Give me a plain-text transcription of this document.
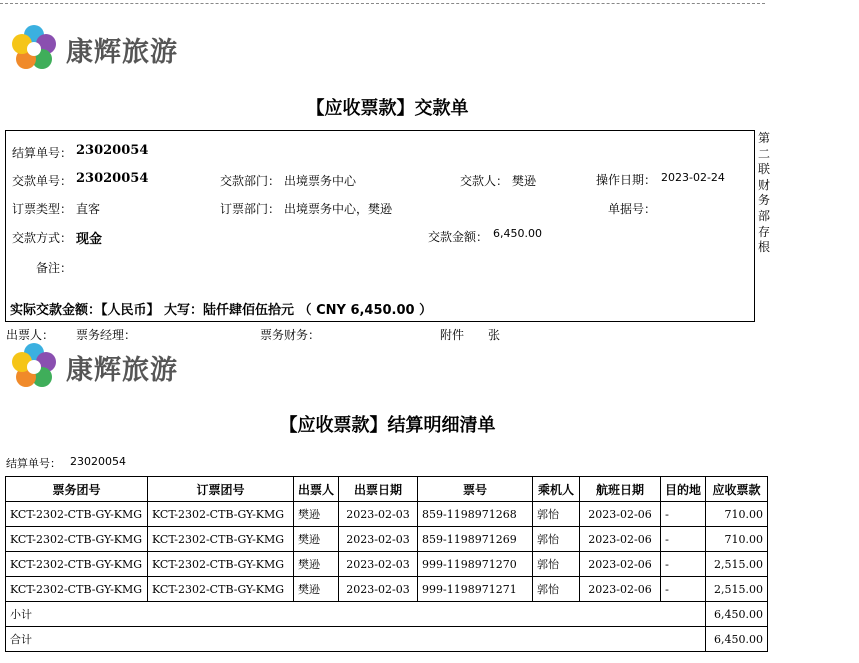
康辉旅游
【应收票款】交款单
结算单号： 23020054
交款单号： 23020054	交款部门： 出境票务中心	交款人： 樊逊	操作日期： 2023-02-24
订票类型： 直客	订票部门： 出境票务中心，樊逊	单据号：
交款方式： 现金	交款金额： 6,450.00
备注：
实际交款金额：【人民币】 大写：陆仟肆佰伍拾元 （ CNY 6,450.00 ）
第
二
联
财
务
部
存
根
出票人： 票务经理：	票务财务：	附件 张
康辉旅游
【应收票款】结算明细清单
结算单号： 23020054
票务团号	订票团号	出票人	出票日期	票号	乘机人	航班日期	目的地	应收票款
KCT-2302-CTB-GY-KMG	KCT-2302-CTB-GY-KMG	樊逊	2023-02-03	859-1198971268	郭怡	2023-02-06	-	710.00
KCT-2302-CTB-GY-KMG	KCT-2302-CTB-GY-KMG	樊逊	2023-02-03	859-1198971269	郭怡	2023-02-06	-	710.00
KCT-2302-CTB-GY-KMG	KCT-2302-CTB-GY-KMG	樊逊	2023-02-03	999-1198971270	郭怡	2023-02-06	-	2,515.00
KCT-2302-CTB-GY-KMG	KCT-2302-CTB-GY-KMG	樊逊	2023-02-03	999-1198971271	郭怡	2023-02-06	-	2,515.00
小计								6,450.00
合计								6,450.00
